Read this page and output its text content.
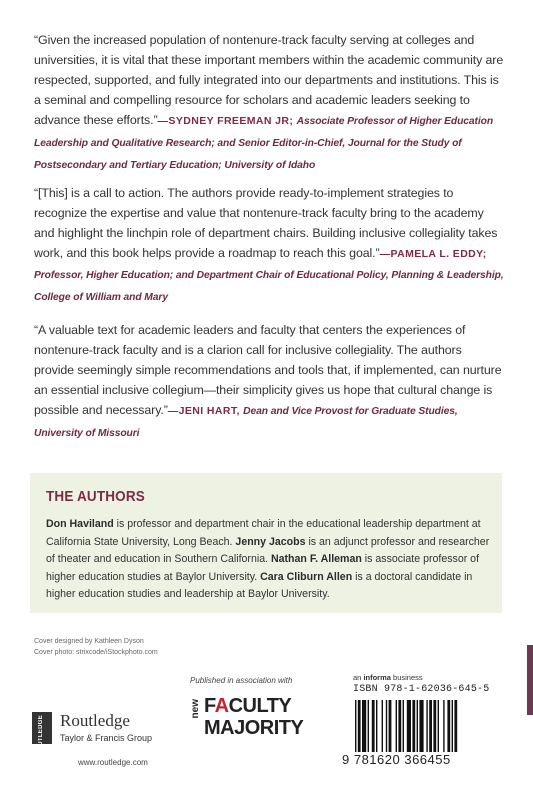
“Given the increased population of nontenure-track faculty serving at colleges and universities, it is vital that these important members within the academic community are respected, supported, and fully integrated into our departments and institutions. This is a seminal and compelling resource for scholars and academic leaders seeking to advance these efforts.”—SYDNEY FREEMAN JR; Associate Professor of Higher Education Leadership and Qualitative Research; and Senior Editor-in-Chief, Journal for the Study of Postsecondary and Tertiary Education; University of Idaho
“[This] is a call to action. The authors provide ready-to-implement strategies to recognize the expertise and value that nontenure-track faculty bring to the academy and highlight the linchpin role of department chairs. Building inclusive collegiality takes work, and this book helps provide a roadmap to reach this goal.”—PAMELA L. EDDY; Professor, Higher Education; and Department Chair of Educational Policy, Planning & Leadership, College of William and Mary
“A valuable text for academic leaders and faculty that centers the experiences of nontenure-track faculty and is a clarion call for inclusive collegiality. The authors provide seemingly simple recommendations and tools that, if implemented, can nurture an essential inclusive collegium—their simplicity gives us hope that cultural change is possible and necessary.”—JENI HART, Dean and Vice Provost for Graduate Studies, University of Missouri
THE AUTHORS
Don Haviland is professor and department chair in the educational leadership department at California State University, Long Beach. Jenny Jacobs is an adjunct professor and researcher of theater and education in Southern California. Nathan F. Alleman is associate professor of higher education studies at Baylor University. Cara Cliburn Allen is a doctoral candidate in higher education studies and leadership at Baylor University.
Cover designed by Kathleen Dyson
Cover photo: strixcode/iStockphoto.com
ROUTLEDGE Routledge
Taylor & Francis Group
www.routledge.com
Published in association with
new FACULTY
MAJORITY
an informa business
ISBN 978-1-62036-645-5
9 781620 366455
